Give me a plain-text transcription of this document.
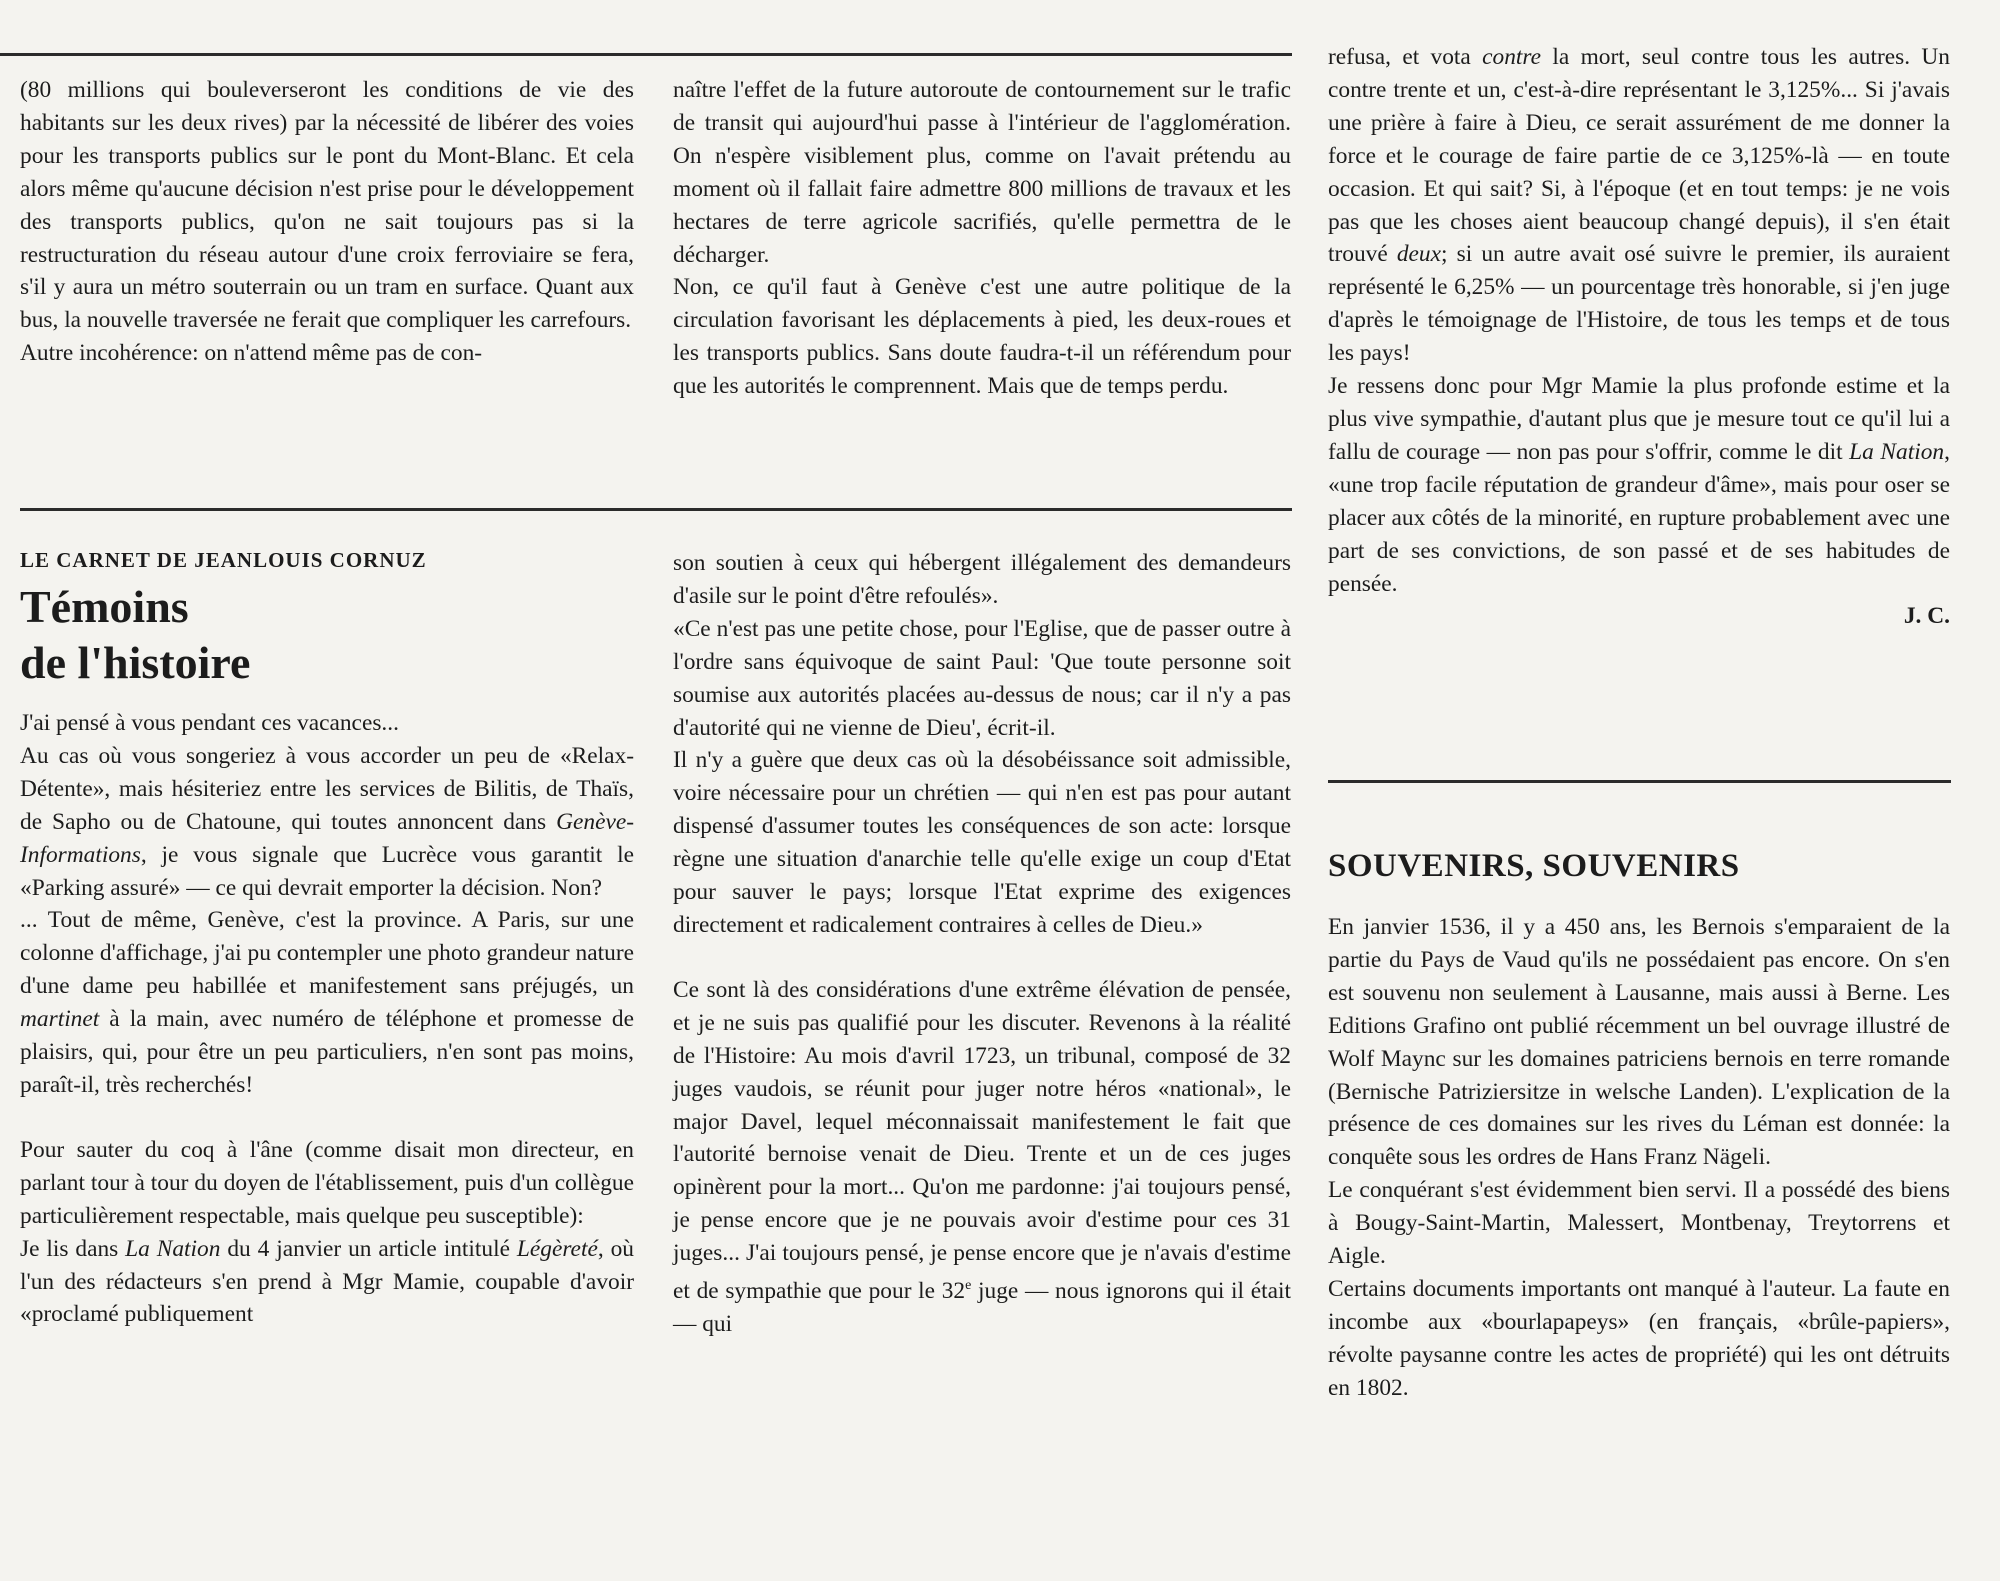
(80 millions qui bouleverseront les conditions de vie des habitants sur les deux rives) par la nécessité de libérer des voies pour les transports publics sur le pont du Mont-Blanc. Et cela alors même qu'aucune décision n'est prise pour le développement des transports publics, qu'on ne sait toujours pas si la restructuration du réseau autour d'une croix ferroviaire se fera, s'il y aura un métro souterrain ou un tram en surface. Quant aux bus, la nouvelle traversée ne ferait que compliquer les carrefours.

Autre incohérence: on n'attend même pas de con-

naître l'effet de la future autoroute de contournement sur le trafic de transit qui aujourd'hui passe à l'intérieur de l'agglomération. On n'espère visiblement plus, comme on l'avait prétendu au moment où il fallait faire admettre 800 millions de travaux et les hectares de terre agricole sacrifiés, qu'elle permettra de le décharger.

Non, ce qu'il faut à Genève c'est une autre politique de la circulation favorisant les déplacements à pied, les deux-roues et les transports publics. Sans doute faudra-t-il un référendum pour que les autorités le comprennent. Mais que de temps perdu.

LE CARNET DE JEANLOUIS CORNUZ

Témoins
de l'histoire

J'ai pensé à vous pendant ces vacances...

Au cas où vous songeriez à vous accorder un peu de «Relax-Détente», mais hésiteriez entre les services de Bilitis, de Thaïs, de Sapho ou de Chatoune, qui toutes annoncent dans Genève-Informations, je vous signale que Lucrèce vous garantit le «Parking assuré» — ce qui devrait emporter la décision. Non?

... Tout de même, Genève, c'est la province. A Paris, sur une colonne d'affichage, j'ai pu contempler une photo grandeur nature d'une dame peu habillée et manifestement sans préjugés, un martinet à la main, avec numéro de téléphone et promesse de plaisirs, qui, pour être un peu particuliers, n'en sont pas moins, paraît-il, très recherchés!

Pour sauter du coq à l'âne (comme disait mon directeur, en parlant tour à tour du doyen de l'établissement, puis d'un collègue particulièrement respectable, mais quelque peu susceptible):

Je lis dans La Nation du 4 janvier un article intitulé Légèreté, où l'un des rédacteurs s'en prend à Mgr Mamie, coupable d'avoir «proclamé publiquement

son soutien à ceux qui hébergent illégalement des demandeurs d'asile sur le point d'être refoulés».

«Ce n'est pas une petite chose, pour l'Eglise, que de passer outre à l'ordre sans équivoque de saint Paul: 'Que toute personne soit soumise aux autorités placées au-dessus de nous; car il n'y a pas d'autorité qui ne vienne de Dieu', écrit-il.

Il n'y a guère que deux cas où la désobéissance soit admissible, voire nécessaire pour un chrétien — qui n'en est pas pour autant dispensé d'assumer toutes les conséquences de son acte: lorsque règne une situation d'anarchie telle qu'elle exige un coup d'Etat pour sauver le pays; lorsque l'Etat exprime des exigences directement et radicalement contraires à celles de Dieu.»

Ce sont là des considérations d'une extrême élévation de pensée, et je ne suis pas qualifié pour les discuter. Revenons à la réalité de l'Histoire: Au mois d'avril 1723, un tribunal, composé de 32 juges vaudois, se réunit pour juger notre héros «national», le major Davel, lequel méconnaissait manifestement le fait que l'autorité bernoise venait de Dieu. Trente et un de ces juges opinèrent pour la mort... Qu'on me pardonne: j'ai toujours pensé, je pense encore que je ne pouvais avoir d'estime pour ces 31 juges... J'ai toujours pensé, je pense encore que je n'avais d'estime et de sympathie que pour le 32e juge — nous ignorons qui il était — qui

refusa, et vota contre la mort, seul contre tous les autres. Un contre trente et un, c'est-à-dire représentant le 3,125%... Si j'avais une prière à faire à Dieu, ce serait assurément de me donner la force et le courage de faire partie de ce 3,125%-là — en toute occasion. Et qui sait? Si, à l'époque (et en tout temps: je ne vois pas que les choses aient beaucoup changé depuis), il s'en était trouvé deux; si un autre avait osé suivre le premier, ils auraient représenté le 6,25% — un pourcentage très honorable, si j'en juge d'après le témoignage de l'Histoire, de tous les temps et de tous les pays!

Je ressens donc pour Mgr Mamie la plus profonde estime et la plus vive sympathie, d'autant plus que je mesure tout ce qu'il lui a fallu de courage — non pas pour s'offrir, comme le dit La Nation, «une trop facile réputation de grandeur d'âme», mais pour oser se placer aux côtés de la minorité, en rupture probablement avec une part de ses convictions, de son passé et de ses habitudes de pensée.

J. C.

SOUVENIRS, SOUVENIRS

En janvier 1536, il y a 450 ans, les Bernois s'emparaient de la partie du Pays de Vaud qu'ils ne possédaient pas encore. On s'en est souvenu non seulement à Lausanne, mais aussi à Berne. Les Editions Grafino ont publié récemment un bel ouvrage illustré de Wolf Maync sur les domaines patriciens bernois en terre romande (Bernische Patriziersitze in welsche Landen). L'explication de la présence de ces domaines sur les rives du Léman est donnée: la conquête sous les ordres de Hans Franz Nägeli.

Le conquérant s'est évidemment bien servi. Il a possédé des biens à Bougy-Saint-Martin, Malessert, Montbenay, Treytorrens et Aigle.

Certains documents importants ont manqué à l'auteur. La faute en incombe aux «bourlapapeys» (en français, «brûle-papiers», révolte paysanne contre les actes de propriété) qui les ont détruits en 1802.
